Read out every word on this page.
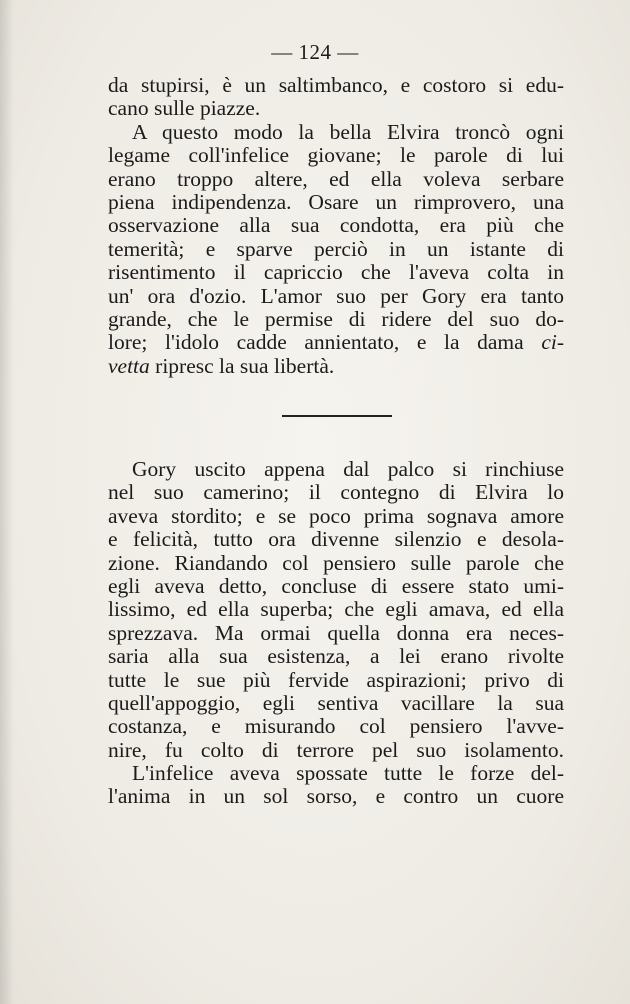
— 124 —
da stupirsi, è un saltimbanco, e costoro si edu-
cano sulle piazze.
A questo modo la bella Elvira troncò ogni
legame coll'infelice giovane; le parole di lui
erano troppo altere, ed ella voleva serbare
piena indipendenza. Osare un rimprovero, una
osservazione alla sua condotta, era più che
temerità; e sparve perciò in un istante di
risentimento il capriccio che l'aveva colta in
un' ora d'ozio. L'amor suo per Gory era tanto
grande, che le permise di ridere del suo do-
lore; l'idolo cadde annientato, e la dama ci-
vetta ripresc la sua libertà.
Gory uscito appena dal palco si rinchiuse
nel suo camerino; il contegno di Elvira lo
aveva stordito; e se poco prima sognava amore
e felicità, tutto ora divenne silenzio e desola-
zione. Riandando col pensiero sulle parole che
egli aveva detto, concluse di essere stato umi-
lissimo, ed ella superba; che egli amava, ed ella
sprezzava. Ma ormai quella donna era neces-
saria alla sua esistenza, a lei erano rivolte
tutte le sue più fervide aspirazioni; privo di
quell'appoggio, egli sentiva vacillare la sua
costanza, e misurando col pensiero l'avve-
nire, fu colto di terrore pel suo isolamento.
L'infelice aveva spossate tutte le forze del-
l'anima in un sol sorso, e contro un cuore
